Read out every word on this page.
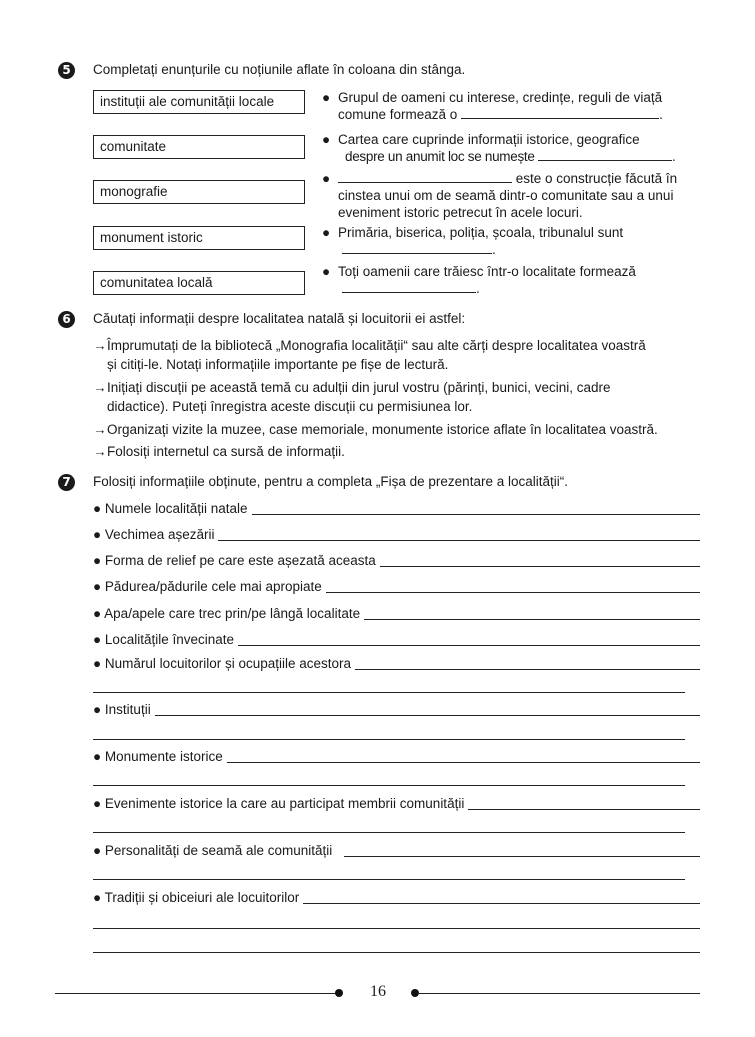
5	Completați enunțurile cu noțiunile aflate în coloana din stânga.
instituții ale comunității locale
comunitate
monografie
monument istoric
comunitatea locală
● Grupul de oameni cu interese, credințe, reguli de viață
comune formează o	.
● Cartea care cuprinde informații istorice, geografice
despre un anumit loc se numește	.
●	este o construcție făcută în
cinstea unui om de seamă dintr-o comunitate sau a unui
eveniment istoric petrecut în acele locuri.
● Primăria, biserica, poliția, școala, tribunalul sunt
.
● Toți oamenii care trăiesc într-o localitate formează
.
6	Căutați informații despre localitatea natală și locuitorii ei astfel:
→ Împrumutați de la bibliotecă „Monografia localității“ sau alte cărți despre localitatea voastră
și citiți-le. Notați informațiile importante pe fișe de lectură.
→ Inițiați discuții pe această temă cu adulții din jurul vostru (părinți, bunici, vecini, cadre
didactice). Puteți înregistra aceste discuții cu permisiunea lor.
→ Organizați vizite la muzee, case memoriale, monumente istorice aflate în localitatea voastră.
→ Folosiți internetul ca sursă de informații.
7	Folosiți informațiile obținute, pentru a completa „Fișa de prezentare a localității“.
● Numele localității natale
● Vechimea așezării
● Forma de relief pe care este așezată aceasta
● Pădurea/pădurile cele mai apropiate
● Apa/apele care trec prin/pe lângă localitate
● Localitățile învecinate
● Numărul locuitorilor și ocupațiile acestora
● Instituții
● Monumente istorice
● Evenimente istorice la care au participat membrii comunității
● Personalități de seamă ale comunității
● Tradiții și obiceiuri ale locuitorilor
16
